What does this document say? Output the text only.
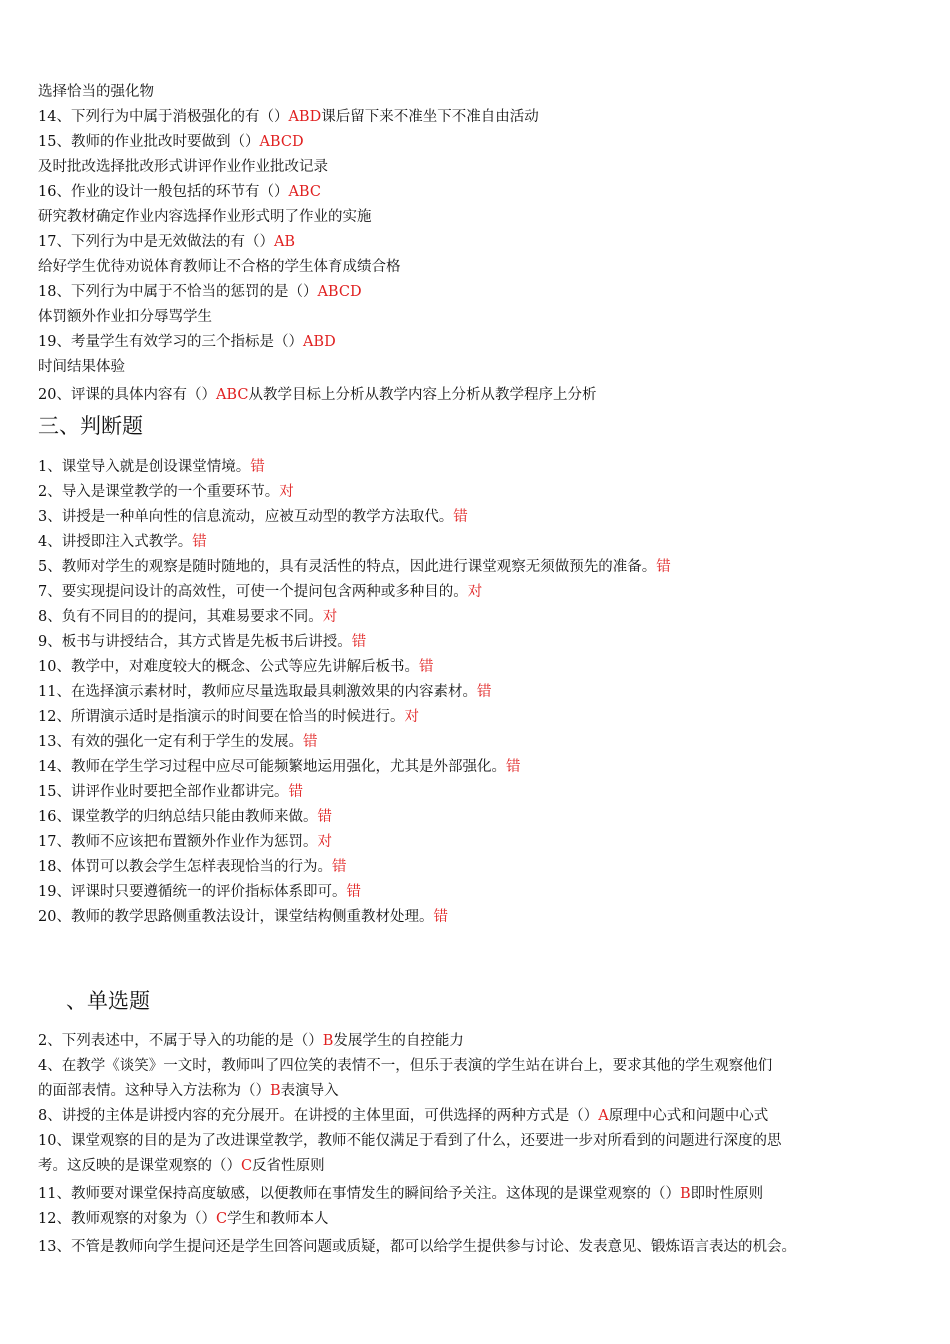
选择恰当的强化物
14、下列行为中属于消极强化的有（）ABD课后留下来不准坐下不准自由活动
15、教师的作业批改时要做到（）ABCD
及时批改选择批改形式讲评作业作业批改记录
16、作业的设计一般包括的环节有（）ABC
研究教材确定作业内容选择作业形式明了作业的实施
17、下列行为中是无效做法的有（）AB
给好学生优待劝说体育教师让不合格的学生体育成绩合格
18、下列行为中属于不恰当的惩罚的是（）ABCD
体罚额外作业扣分辱骂学生
19、考量学生有效学习的三个指标是（）ABD
时间结果体验
20、评课的具体内容有（）ABC从教学目标上分析从教学内容上分析从教学程序上分析
三、判断题
1、课堂导入就是创设课堂情境。错
2、导入是课堂教学的一个重要环节。对
3、讲授是一种单向性的信息流动，应被互动型的教学方法取代。错
4、讲授即注入式教学。错
5、教师对学生的观察是随时随地的，具有灵活性的特点，因此进行课堂观察无须做预先的准备。错
7、要实现提问设计的高效性，可使一个提问包含两种或多种目的。对
8、负有不同目的的提问，其难易要求不同。对
9、板书与讲授结合，其方式皆是先板书后讲授。错
10、教学中，对难度较大的概念、公式等应先讲解后板书。错
11、在选择演示素材时，教师应尽量选取最具刺激效果的内容素材。错
12、所谓演示适时是指演示的时间要在恰当的时候进行。对
13、有效的强化一定有利于学生的发展。错
14、教师在学生学习过程中应尽可能频繁地运用强化，尤其是外部强化。错
15、讲评作业时要把全部作业都讲完。错
16、课堂教学的归纳总结只能由教师来做。错
17、教师不应该把布置额外作业作为惩罚。对
18、体罚可以教会学生怎样表现恰当的行为。错
19、评课时只要遵循统一的评价指标体系即可。错
20、教师的教学思路侧重教法设计，课堂结构侧重教材处理。错
、单选题
2、下列表述中，不属于导入的功能的是（）B发展学生的自控能力
4、在教学《谈笑》一文时，教师叫了四位笑的表情不一，但乐于表演的学生站在讲台上，要求其他的学生观察他们
的面部表情。这种导入方法称为（）B表演导入
8、讲授的主体是讲授内容的充分展开。在讲授的主体里面，可供选择的两种方式是（）A原理中心式和问题中心式
10、课堂观察的目的是为了改进课堂教学，教师不能仅满足于看到了什么，还要进一步对所看到的问题进行深度的思
考。这反映的是课堂观察的（）C反省性原则
11、教师要对课堂保持高度敏感，以便教师在事情发生的瞬间给予关注。这体现的是课堂观察的（）B即时性原则
12、教师观察的对象为（）C学生和教师本人
13、不管是教师向学生提问还是学生回答问题或质疑，都可以给学生提供参与讨论、发表意见、锻炼语言表达的机会。
